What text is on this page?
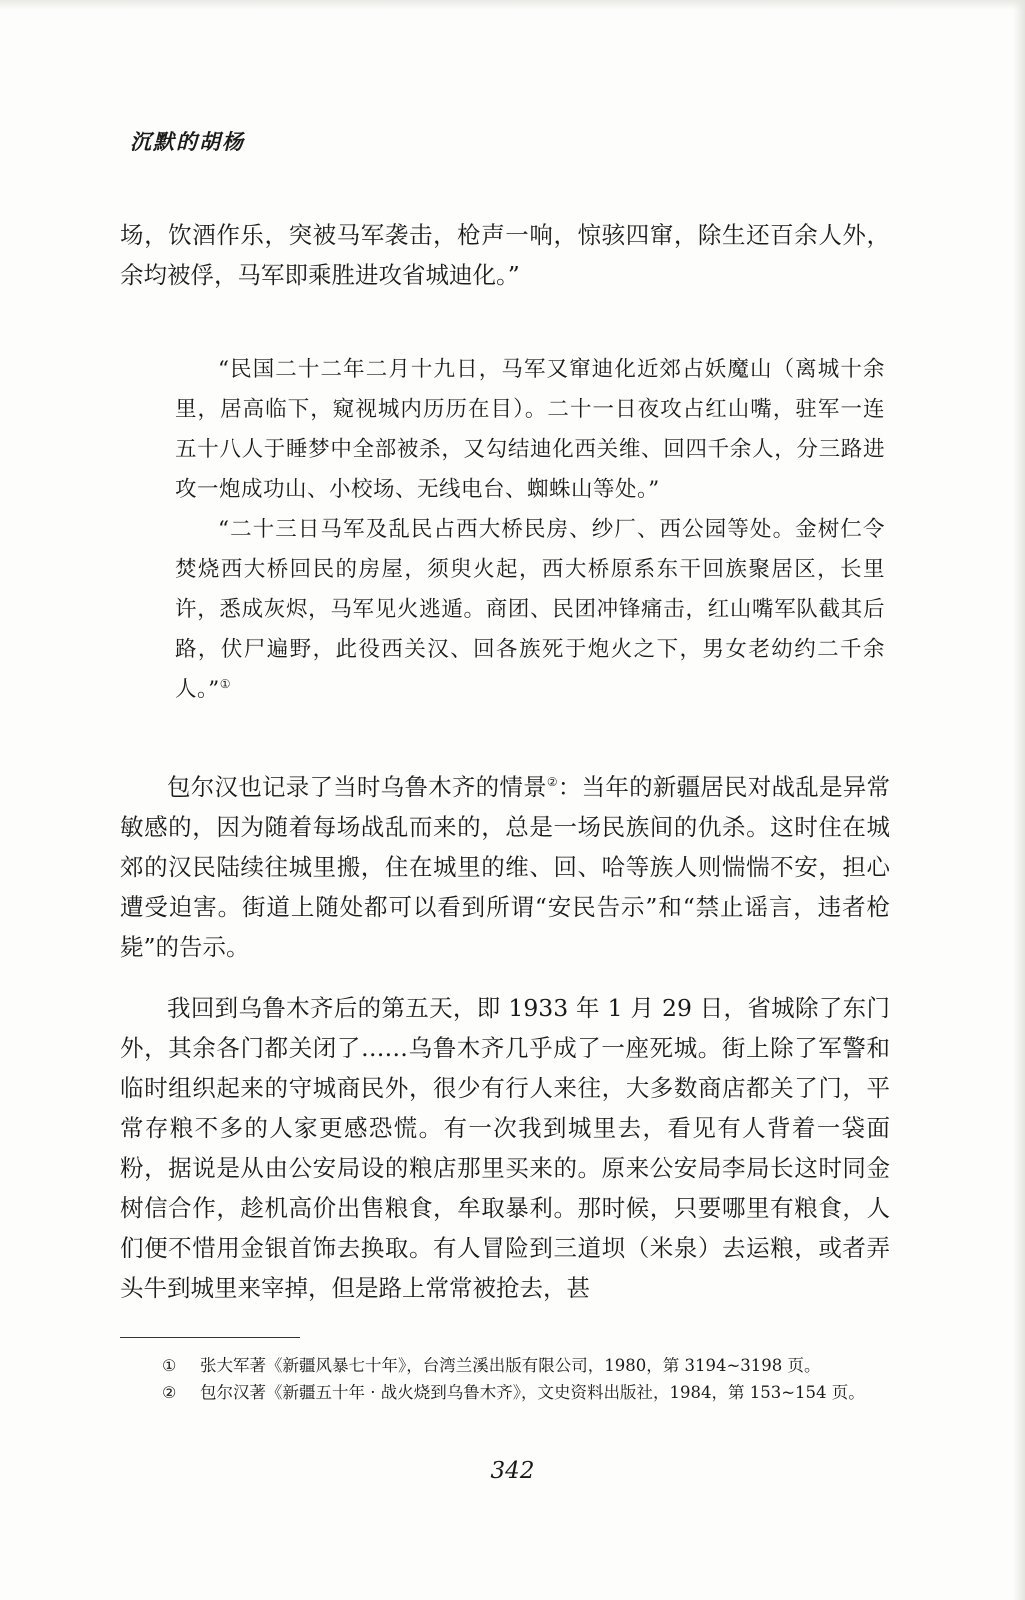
沉默的胡杨

场，饮酒作乐，突被马军袭击，枪声一响，惊骇四窜，除生还百余人外，余均被俘，马军即乘胜进攻省城迪化。”

“民国二十二年二月十九日，马军又窜迪化近郊占妖魔山（离城十余里，居高临下，窥视城内历历在目）。二十一日夜攻占红山嘴，驻军一连五十八人于睡梦中全部被杀，又勾结迪化西关维、回四千余人，分三路进攻一炮成功山、小校场、无线电台、蜘蛛山等处。”

“二十三日马军及乱民占西大桥民房、纱厂、西公园等处。金树仁令焚烧西大桥回民的房屋，须臾火起，西大桥原系东干回族聚居区，长里许，悉成灰烬，马军见火逃遁。商团、民团冲锋痛击，红山嘴军队截其后路，伏尸遍野，此役西关汉、回各族死于炮火之下，男女老幼约二千余人。”①

包尔汉也记录了当时乌鲁木齐的情景②：当年的新疆居民对战乱是异常敏感的，因为随着每场战乱而来的，总是一场民族间的仇杀。这时住在城郊的汉民陆续往城里搬，住在城里的维、回、哈等族人则惴惴不安，担心遭受迫害。街道上随处都可以看到所谓“安民告示”和“禁止谣言，违者枪毙”的告示。

我回到乌鲁木齐后的第五天，即 1933 年 1 月 29 日，省城除了东门外，其余各门都关闭了……乌鲁木齐几乎成了一座死城。街上除了军警和临时组织起来的守城商民外，很少有行人来往，大多数商店都关了门，平常存粮不多的人家更感恐慌。有一次我到城里去，看见有人背着一袋面粉，据说是从由公安局设的粮店那里买来的。原来公安局李局长这时同金树信合作，趁机高价出售粮食，牟取暴利。那时候，只要哪里有粮食，人们便不惜用金银首饰去换取。有人冒险到三道坝（米泉）去运粮，或者弄头牛到城里来宰掉，但是路上常常被抢去，甚

① 张大军著《新疆风暴七十年》，台湾兰溪出版有限公司，1980，第 3194~3198 页。
② 包尔汉著《新疆五十年 · 战火烧到乌鲁木齐》，文史资料出版社，1984，第 153~154 页。

342
